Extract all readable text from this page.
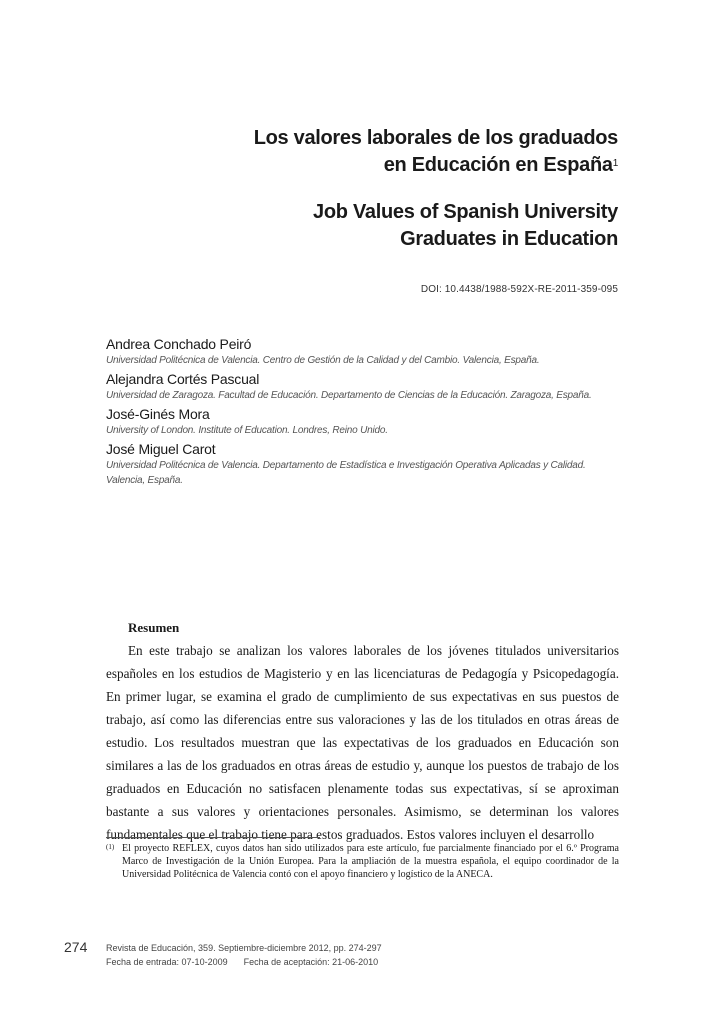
Los valores laborales de los graduados
en Educación en España$^1$
Job Values of Spanish University
Graduates in Education
DOI: 10.4438/1988-592X-RE-2011-359-095
Andrea Conchado Peiró
Universidad Politécnica de Valencia. Centro de Gestión de la Calidad y del Cambio. Valencia, España.
Alejandra Cortés Pascual
Universidad de Zaragoza. Facultad de Educación. Departamento de Ciencias de la Educación. Zaragoza, España.
José-Ginés Mora
University of London. Institute of Education. Londres, Reino Unido.
José Miguel Carot
Universidad Politécnica de Valencia. Departamento de Estadística e Investigación Operativa Aplicadas y Calidad. Valencia, España.
Resumen

En este trabajo se analizan los valores laborales de los jóvenes titulados universitarios españoles en los estudios de Magisterio y en las licenciaturas de Pedagogía y Psicopedagogía. En primer lugar, se examina el grado de cumplimiento de sus expectativas en sus puestos de trabajo, así como las diferencias entre sus valoraciones y las de los titulados en otras áreas de estudio. Los resultados muestran que las expectativas de los graduados en Educación son similares a las de los graduados en otras áreas de estudio y, aunque los puestos de trabajo de los graduados en Educación no satisfacen plenamente todas sus expectativas, sí se aproximan bastante a sus valores y orientaciones personales. Asimismo, se determinan los valores fundamentales que el trabajo tiene para estos graduados. Estos valores incluyen el desarrollo

(1) El proyecto REFLEX, cuyos datos han sido utilizados para este artículo, fue parcialmente financiado por el 6.º Programa Marco de Investigación de la Unión Europea. Para la ampliación de la muestra española, el equipo coordinador de la Universidad Politécnica de Valencia contó con el apoyo financiero y logístico de la ANECA.
274 Revista de Educación, 359. Septiembre-diciembre 2012, pp. 274-297
Fecha de entrada: 07-10-2009 Fecha de aceptación: 21-06-2010
